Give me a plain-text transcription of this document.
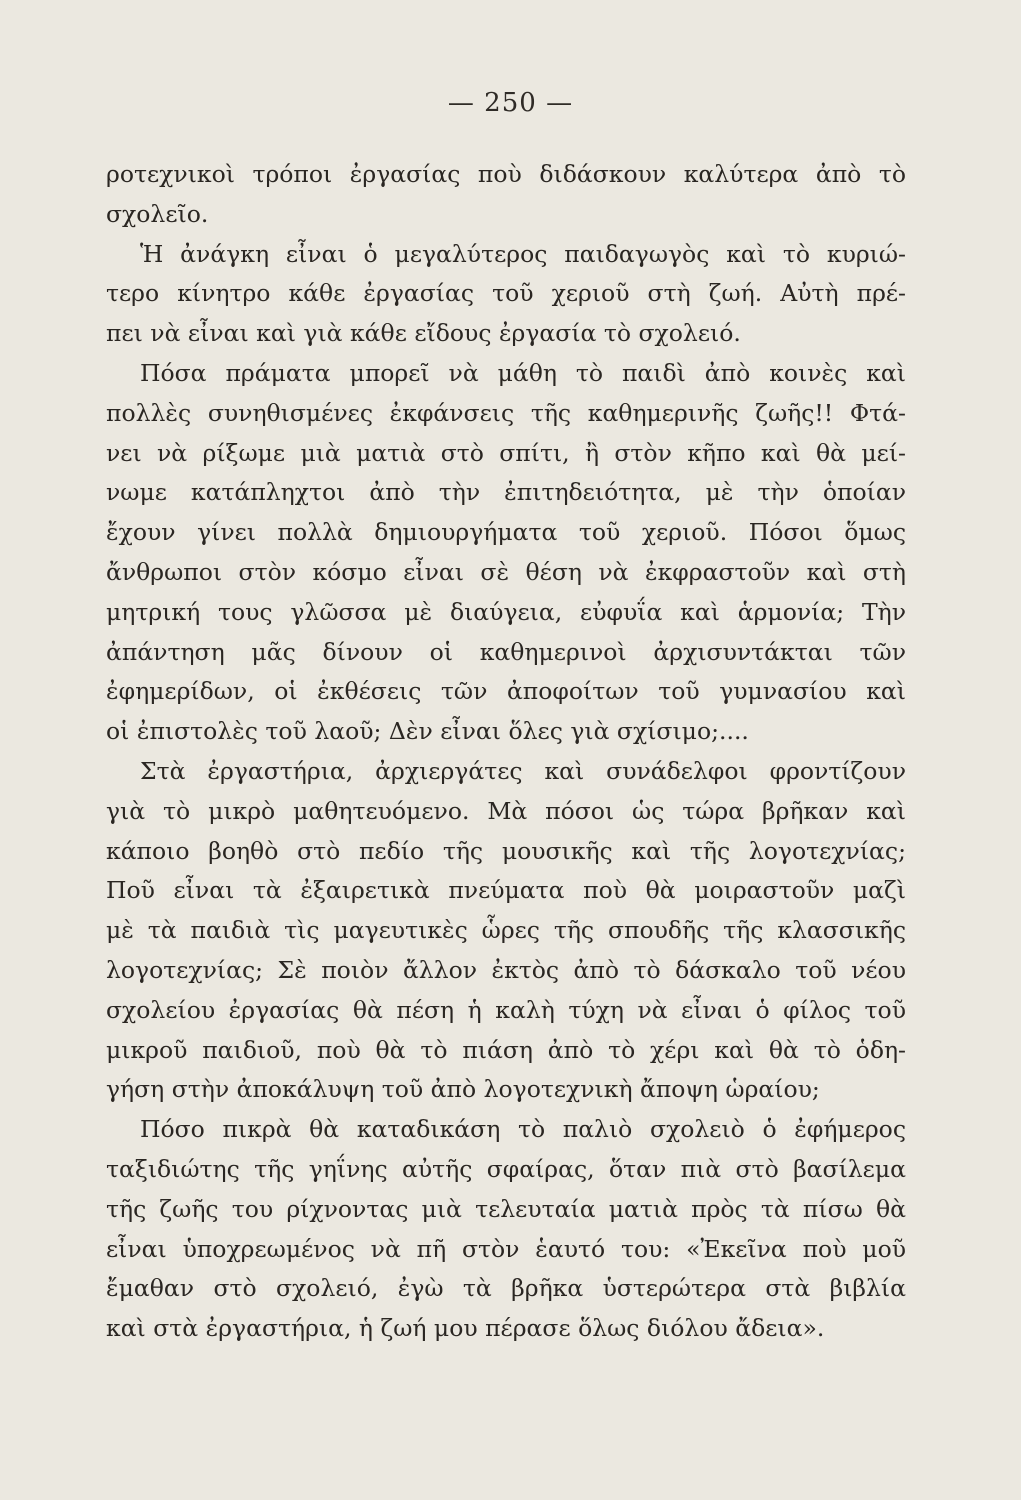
— 250 —
ροτεχνικοὶ τρόποι ἐργασίας ποὺ διδάσκουν καλύτερα ἀπὸ τὸ
σχολεῖο.
Ἡ ἀνάγκη εἶναι ὁ μεγαλύτερος παιδαγωγὸς καὶ τὸ κυριώ-
τερο κίνητρο κάθε ἐργασίας τοῦ χεριοῦ στὴ ζωή. Αὐτὴ πρέ-
πει νὰ εἶναι καὶ γιὰ κάθε εἴδους ἐργασία τὸ σχολειό.
Πόσα πράματα μπορεῖ νὰ μάθη τὸ παιδὶ ἀπὸ κοινὲς καὶ
πολλὲς συνηθισμένες ἐκφάνσεις τῆς καθημερινῆς ζωῆς!! Φτά-
νει νὰ ρίξωμε μιὰ ματιὰ στὸ σπίτι, ἢ στὸν κῆπο καὶ θὰ μεί-
νωμε κατάπληχτοι ἀπὸ τὴν ἐπιτηδειότητα, μὲ τὴν ὁποίαν
ἔχουν γίνει πολλὰ δημιουργήματα τοῦ χεριοῦ. Πόσοι ὅμως
ἄνθρωποι στὸν κόσμο εἶναι σὲ θέση νὰ ἐκφραστοῦν καὶ στὴ
μητρική τους γλῶσσα μὲ διαύγεια, εὐφυΐα καὶ ἁρμονία; Τὴν
ἀπάντηση μᾶς δίνουν οἱ καθημερινοὶ ἀρχισυντάκται τῶν
ἐφημερίδων, οἱ ἐκθέσεις τῶν ἀποφοίτων τοῦ γυμνασίου καὶ
οἱ ἐπιστολὲς τοῦ λαοῦ; Δὲν εἶναι ὅλες γιὰ σχίσιμο;....
Στὰ ἐργαστήρια, ἀρχιεργάτες καὶ συνάδελφοι φροντίζουν
γιὰ τὸ μικρὸ μαθητευόμενο. Μὰ πόσοι ὡς τώρα βρῆκαν καὶ
κάποιο βοηθὸ στὸ πεδίο τῆς μουσικῆς καὶ τῆς λογοτεχνίας;
Ποῦ εἶναι τὰ ἐξαιρετικὰ πνεύματα ποὺ θὰ μοιραστοῦν μαζὶ
μὲ τὰ παιδιὰ τὶς μαγευτικὲς ὧρες τῆς σπουδῆς τῆς κλασσικῆς
λογοτεχνίας; Σὲ ποιὸν ἄλλον ἐκτὸς ἀπὸ τὸ δάσκαλο τοῦ νέου
σχολείου ἐργασίας θὰ πέση ἡ καλὴ τύχη νὰ εἶναι ὁ φίλος τοῦ
μικροῦ παιδιοῦ, ποὺ θὰ τὸ πιάση ἀπὸ τὸ χέρι καὶ θὰ τὸ ὁδη-
γήση στὴν ἀποκάλυψη τοῦ ἀπὸ λογοτεχνικὴ ἄποψη ὡραίου;
Πόσο πικρὰ θὰ καταδικάση τὸ παλιὸ σχολειὸ ὁ ἐφήμερος
ταξιδιώτης τῆς γηΐνης αὐτῆς σφαίρας, ὅταν πιὰ στὸ βασίλεμα
τῆς ζωῆς του ρίχνοντας μιὰ τελευταία ματιὰ πρὸς τὰ πίσω θὰ
εἶναι ὑποχρεωμένος νὰ πῆ στὸν ἑαυτό του: «Ἐκεῖνα ποὺ μοῦ
ἔμαθαν στὸ σχολειό, ἐγὼ τὰ βρῆκα ὑστερώτερα στὰ βιβλία
καὶ στὰ ἐργαστήρια, ἡ ζωή μου πέρασε ὅλως διόλου ἄδεια».
